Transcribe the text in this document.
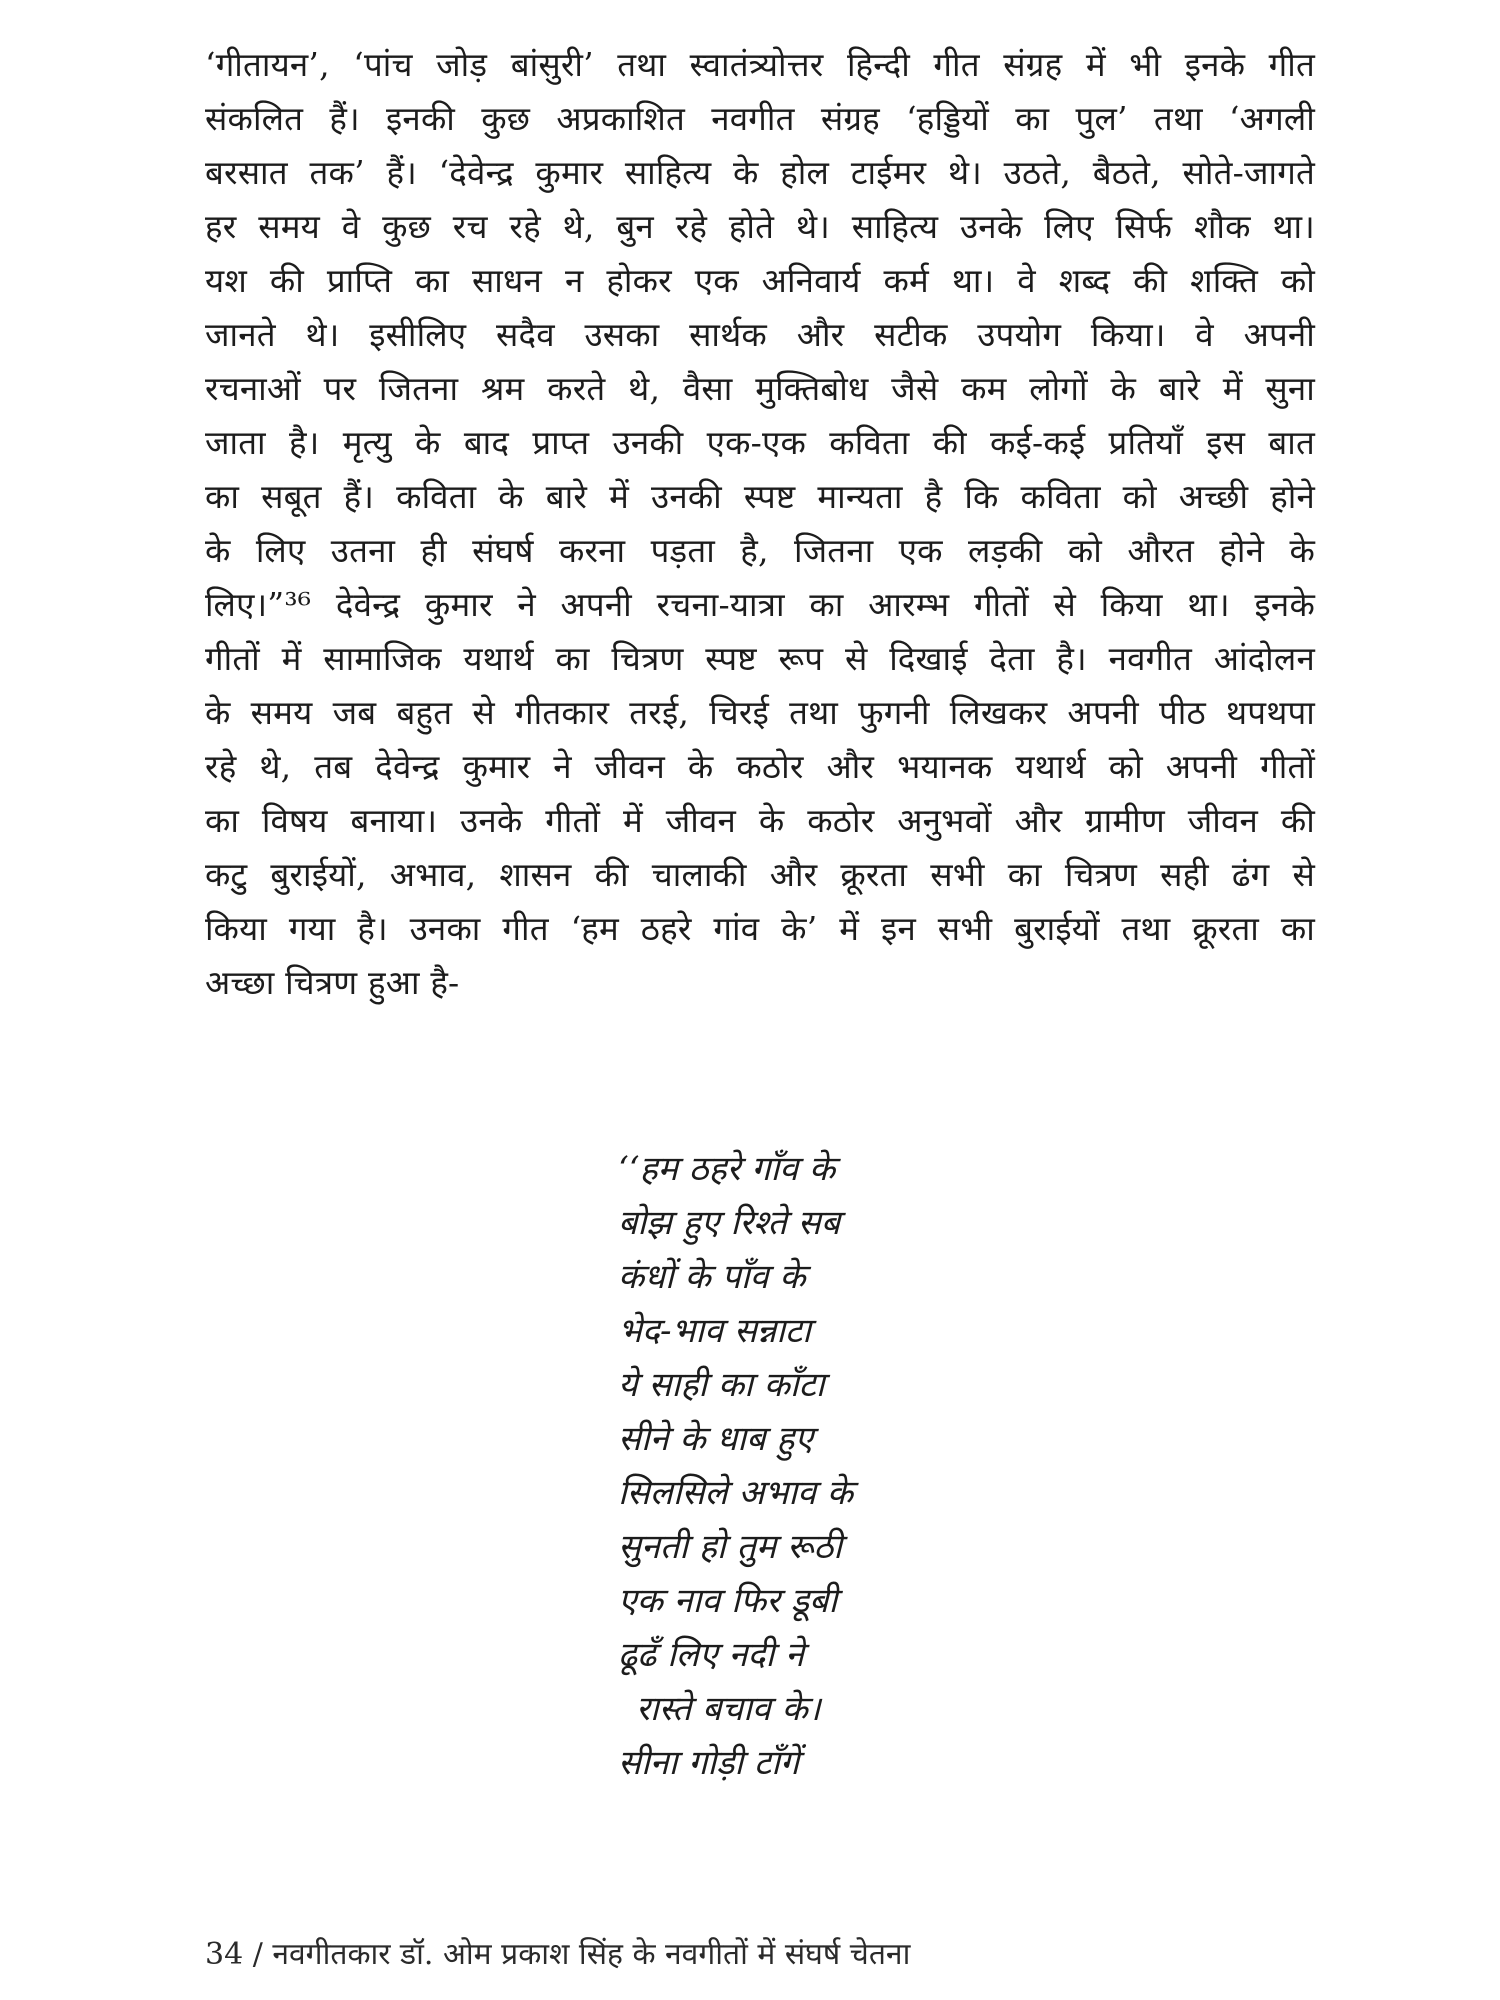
‘गीतायन’, ‘पांच जोड़ बांसुरी’ तथा स्वातंत्र्योत्तर हिन्दी गीत संग्रह में भी इनके गीत
संकलित हैं। इनकी कुछ अप्रकाशित नवगीत संग्रह ‘हड्डियों का पुल’ तथा ‘अगली
बरसात तक’ हैं। ‘देवेन्द्र कुमार साहित्य के होल टाईमर थे। उठते, बैठते, सोते-जागते
हर समय वे कुछ रच रहे थे, बुन रहे होते थे। साहित्य उनके लिए सिर्फ शौक था।
यश की प्राप्ति का साधन न होकर एक अनिवार्य कर्म था। वे शब्द की शक्ति को
जानते थे। इसीलिए सदैव उसका सार्थक और सटीक उपयोग किया। वे अपनी
रचनाओं पर जितना श्रम करते थे, वैसा मुक्तिबोध जैसे कम लोगों के बारे में सुना
जाता है। मृत्यु के बाद प्राप्त उनकी एक-एक कविता की कई-कई प्रतियाँ इस बात
का सबूत हैं। कविता के बारे में उनकी स्पष्ट मान्यता है कि कविता को अच्छी होने
के लिए उतना ही संघर्ष करना पड़ता है, जितना एक लड़की को औरत होने के
लिए।”³⁶ देवेन्द्र कुमार ने अपनी रचना-यात्रा का आरम्भ गीतों से किया था। इनके
गीतों में सामाजिक यथार्थ का चित्रण स्पष्ट रूप से दिखाई देता है। नवगीत आंदोलन
के समय जब बहुत से गीतकार तरई, चिरई तथा फुगनी लिखकर अपनी पीठ थपथपा
रहे थे, तब देवेन्द्र कुमार ने जीवन के कठोर और भयानक यथार्थ को अपनी गीतों
का विषय बनाया। उनके गीतों में जीवन के कठोर अनुभवों और ग्रामीण जीवन की
कटु बुराईयों, अभाव, शासन की चालाकी और क्रूरता सभी का चित्रण सही ढंग से
किया गया है। उनका गीत ‘हम ठहरे गांव के’ में इन सभी बुराईयों तथा क्रूरता का
अच्छा चित्रण हुआ है-
‘‘हम ठहरे गाँव के
बोझ हुए रिश्ते सब
कंधों के पाँव के
भेद-भाव सन्नाटा
ये साही का काँटा
सीने के धाब हुए
सिलसिले अभाव के
सुनती हो तुम रूठी
एक नाव फिर डूबी
ढूढँ लिए नदी ने
रास्ते बचाव के।
सीना गोड़ी टाँगें
34 / नवगीतकार डॉ. ओम प्रकाश सिंह के नवगीतों में संघर्ष चेतना
